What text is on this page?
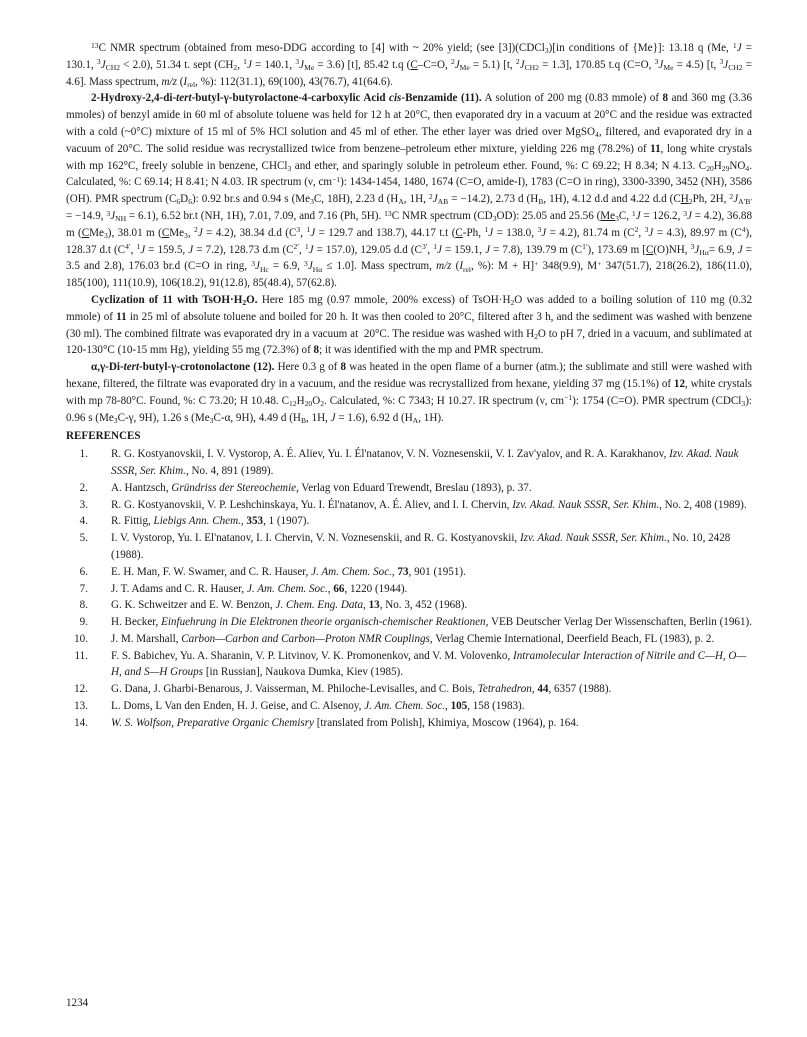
$^{13}$C NMR spectrum (obtained from meso-DDG according to [4] with ~ 20% yield; (see [3])(CDCl$_3$)[in conditions of {Me}]: 13.18 q (Me, $^1$J = 130.1, $^3J_{CH2} < 2.0$), 51.34 t. sept ($CH_2$, $^1$J = 140.1, $^3J_{Me} = 3.6$) [t], 85.42 t.q (C–C=O, $^2J_{Me} = 5.1$) [t, $^2J_{CH2} = 1.3$], 170.85 t.q (C=O, $^3J_{Me} = 4.5$) [t, $^3J_{CH2} = 4.6$]. Mass spectrum, m/z ($I_{rel}$, %): 112(31.1), 69(100), 43(76.7), 41(64.6).

2-Hydroxy-2,4-di-tert-butyl-γ-butyrolactone-4-carboxylic Acid cis-Benzamide (11). A solution of 200 mg (0.83 mmole) of 8 and 360 mg (3.36 mmoles) of benzyl amide in 60 ml of absolute toluene was held for 12 h at 20°C, then evaporated dry in a vacuum at 20°C and the residue was extracted with a cold (~0°C) mixture of 15 ml of 5% HCl solution and 45 ml of ether. The ether layer was dried over MgSO$_4$, filtered, and evaporated dry in a vacuum of 20°C. The solid residue was recrystallized twice from benzene–petroleum ether mixture, yielding 226 mg (78.2%) of 11, long white crystals with mp 162°C, freely soluble in benzene, CHCl$_3$ and ether, and sparingly soluble in petroleum ether. Found, %: C 69.22; H 8.34; N 4.13. $C_{20}H_{29}NO_4$. Calculated, %: C 69.14; H 8.41; N 4.03. IR spectrum (ν, $cm^{-1}$): 1434-1454, 1480, 1674 (C=O, amide-I), 1783 (C=O in ring), 3300-3390, 3452 (NH), 3586 (OH). PMR spectrum $(C_6D_6)$: 0.92 br.s and 0.94 s ($Me_3C$, 18H), 2.23 d ($H_A$, 1H, $^2J_{AB} = -14.2$), 2.73 d ($H_B$, 1H), 4.12 d.d and 4.22 d.d ($CH_2Ph$, 2H, $^2J_{A'B'} = -14.9$, $^3J_{NH} = 6.1$), 6.52 br.t (NH, 1H), 7.01, 7.09, and 7.16 (Ph, 5H). $^{13}$C NMR spectrum $(CD_3OD)$: 25.05 and 25.56 ($Me_3C$, $^1$J = 126.2, $^3$J = 4.2), 36.88 m (CMe$_3$), 38.01 m (CMe$_3$, $^2$J = 4.2), 38.34 d.d ($C^3$, $^1$J = 129.7 and 138.7), 44.17 t.t (C-Ph, $^1$J = 138.0, $^3$J = 4.2), 81.74 m ($C^2$, $^3$J = 4.3), 89.97 m $(C^4)$, 128.37 d.t ($C^{4'}$, $^1$J = 159.5, J = 7.2), 128.73 d.m ($C^{2'}$, $^1$J = 157.0), 129.05 d.d ($C^{3'}$, $^1$J = 159.1, J = 7.8), 139.79 m $(C^{1'})$, 173.69 m [C(O)NH, $^3J_{H\alpha}= 6.9$, J = 3.5 and 2.8), 176.03 br.d (C=O in ring, $^3J_{Hc} = 6.9$, $^3J_{H\alpha} \le 1.0$]. Mass spectrum, m/z ($I_{rel}$, %): M + H]+ 348(9.9), M+ 347(51.7), 218(26.2), 186(11.0), 185(100), 111(10.9), 106(18.2), 91(12.8), 85(48.4), 57(62.8).

Cyclization of 11 with $TsOH\cdot H_2O$. Here 185 mg (0.97 mmole, 200% excess) of $TsOH\cdot H_2O$ was added to a boiling solution of 110 mg (0.32 mmole) of 11 in 25 ml of absolute toluene and boiled for 20 h. It was then cooled to 20°C, filtered after 3 h, and the sediment was washed with benzene (30 ml). The combined filtrate was evaporated dry in a vacuum at  20°C. The residue was washed with $H_2O$ to pH 7, dried in a vacuum, and sublimated at 120-130°C (10-15 mm Hg), yielding 55 mg (72.3%) of 8; it was identified with the mp and PMR spectrum.

α,γ-Di-tert-butyl-γ-crotonolactone (12). Here 0.3 g of 8 was heated in the open flame of a burner (atm.); the sublimate and still were washed with hexane, filtered, the filtrate was evaporated dry in a vacuum, and the residue was recrystallized from hexane, yielding 37 mg (15.1%) of 12, white crystals with mp 78-80°C. Found, %: C 73.20; H 10.48. $C_{12}H_{20}O_2$. Calculated, %: C 7343; H 10.27. IR spectrum (ν, $cm^{-1}$): 1754 (C=O). PMR spectrum (CDCl$_3$): 0.96 s ($Me_3C-\gamma$, 9H), 1.26 s ($Me_3C-\alpha$, 9H), 4.49 d ($H_B$, 1H, J = 1.6), 6.92 d ($H_A$, 1H).

REFERENCES
1. R. G. Kostyanovskii, I. V. Vystorop, A. É. Aliev, Yu. I. Él'natanov, V. N. Voznesenskii, V. I. Zav'yalov, and R. A. Karakhanov, Izv. Akad. Nauk SSSR, Ser. Khim., No. 4, 891 (1989).
2. A. Hantzsch, Gründriss der Stereochemie, Verlag von Eduard Trewendt, Breslau (1893), p. 37.
3. R. G. Kostyanovskii, V. P. Leshchinskaya, Yu. I. Él'natanov, A. É. Aliev, and I. I. Chervin, Izv. Akad. Nauk SSSR, Ser. Khim., No. 2, 408 (1989).
4. R. Fittig, Liebigs Ann. Chem., 353, 1 (1907).
5. I. V. Vystorop, Yu. I. El'natanov, I. I. Chervin, V. N. Voznesenskii, and R. G. Kostyanovskii, Izv. Akad. Nauk SSSR, Ser. Khim., No. 10, 2428 (1988).
6. E. H. Man, F. W. Swamer, and C. R. Hauser, J. Am. Chem. Soc., 73, 901 (1951).
7. J. T. Adams and C. R. Hauser, J. Am. Chem. Soc., 66, 1220 (1944).
8. G. K. Schweitzer and E. W. Benzon, J. Chem. Eng. Data, 13, No. 3, 452 (1968).
9. H. Becker, Einfuehrung in Die Elektronen theorie organisch-chemischer Reaktionen, VEB Deutscher Verlag Der Wissenschaften, Berlin (1961).
10. J. M. Marshall, Carbon—Carbon and Carbon—Proton NMR Couplings, Verlag Chemie International, Deerfield Beach, FL (1983), p. 2.
11. F. S. Babichev, Yu. A. Sharanin, V. P. Litvinov, V. K. Promonenkov, and V. M. Volovenko, Intramolecular Interaction of Nitrile and C—H, O—H, and S—H Groups [in Russian], Naukova Dumka, Kiev (1985).
12. G. Dana, J. Gharbi-Benarous, J. Vaisserman, M. Philoche-Levisalles, and C. Bois, Tetrahedron, 44, 6357 (1988).
13. L. Doms, L Van den Enden, H. J. Geise, and C. Alsenoy, J. Am. Chem. Soc., 105, 158 (1983).
14. W. S. Wolfson, Preparative Organic Chemisry [translated from Polish], Khimiya, Moscow (1964), p. 164.
1234
